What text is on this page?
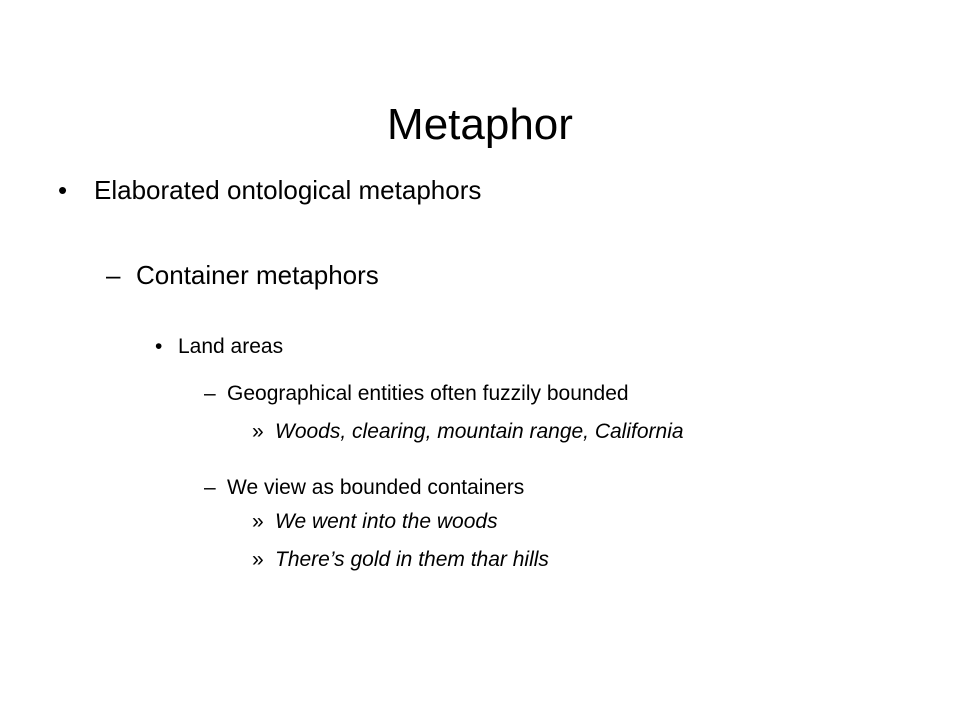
Metaphor
• Elaborated ontological metaphors
– Container metaphors
• Land areas
– Geographical entities often fuzzily bounded
» Woods, clearing, mountain range, California
– We view as bounded containers
» We went into the woods
» There’s gold in them thar hills
